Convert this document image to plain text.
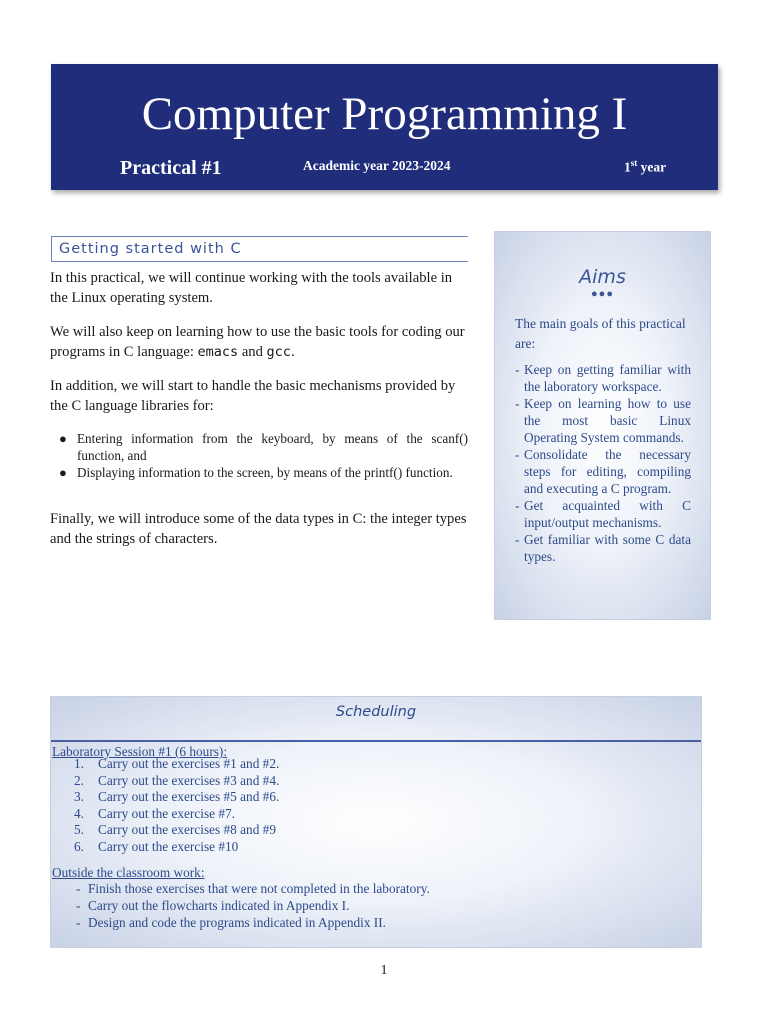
Computer Programming I
Practical #1	Academic year 2023-2024	1st year
Getting started with C

In this practical, we will continue working with the tools available in the Linux operating system.

We will also keep on learning how to use the basic tools for coding our programs in C language: emacs and gcc.

In addition, we will start to handle the basic mechanisms provided by the C language libraries for:

● Entering information from the keyboard, by means of the scanf() function, and
● Displaying information to the screen, by means of the printf() function.

Finally, we will introduce some of the data types in C: the integer types and the strings of characters.

Aims
●●●
The main goals of this practical are:
- Keep on getting familiar with the laboratory workspace.
- Keep on learning how to use the most basic Linux Operating System commands.
- Consolidate the necessary steps for editing, compiling and executing a C program.
- Get acquainted with C input/output mechanisms.
- Get familiar with some C data types.
Scheduling
Laboratory Session #1 (6 hours):
1. Carry out the exercises #1 and #2.
2. Carry out the exercises #3 and #4.
3. Carry out the exercises #5 and #6.
4. Carry out the exercise #7.
5. Carry out the exercises #8 and #9
6. Carry out the exercise #10
Outside the classroom work:
- Finish those exercises that were not completed in the laboratory.
- Carry out the flowcharts indicated in Appendix I.
- Design and code the programs indicated in Appendix II.
1
